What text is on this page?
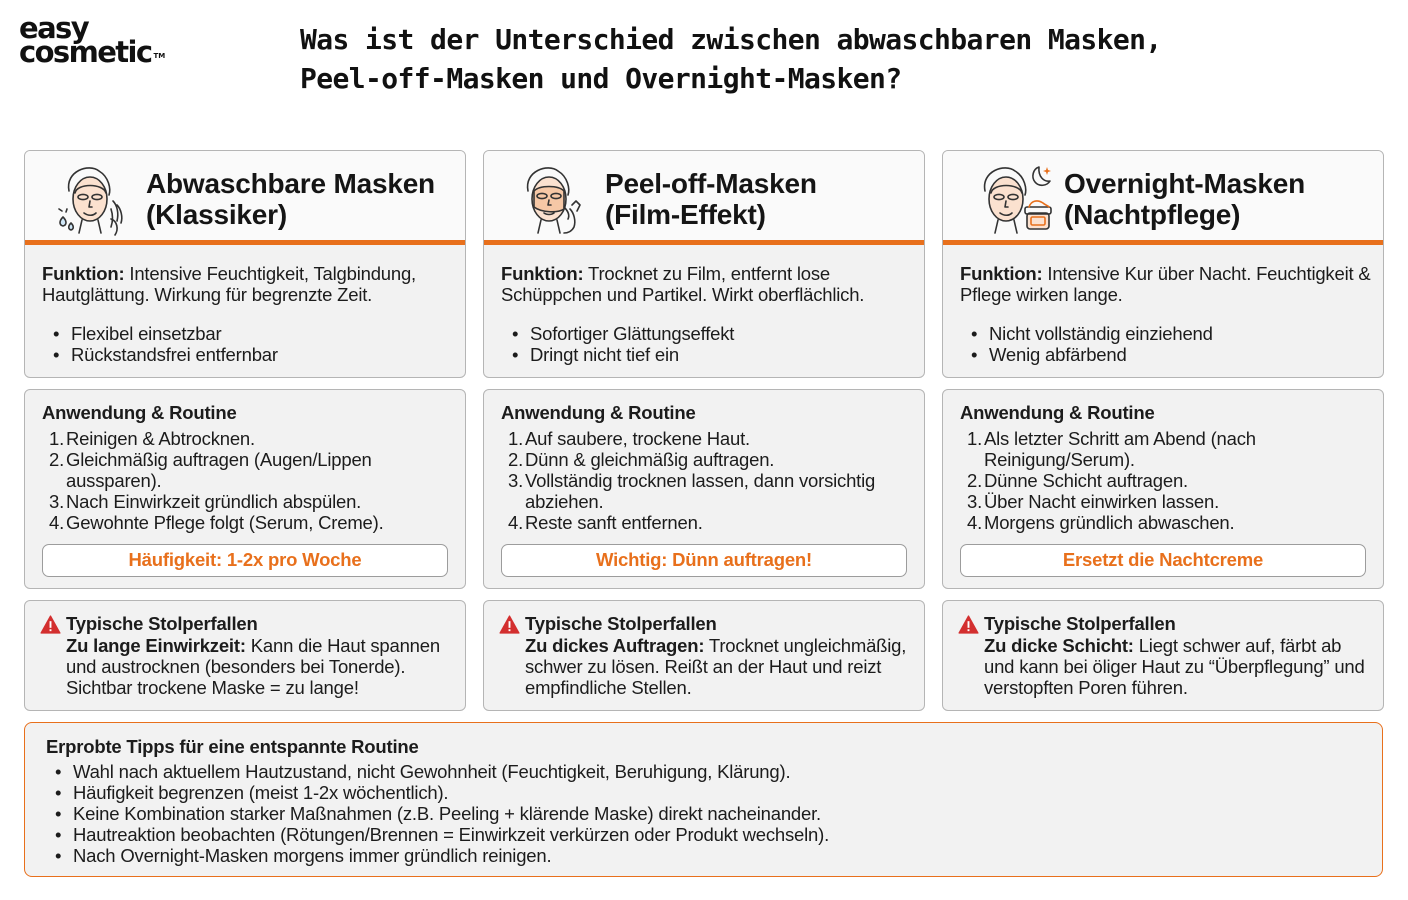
easy
cosmetic ™	Was ist der Unterschied zwischen abwaschbaren Masken,
Peel-off-Masken und Overnight-Masken?
Abwaschbare Masken
(Klassiker)
Funktion: Intensive Feuchtigkeit, Talgbindung, Hautglättung. Wirkung für begrenzte Zeit.
• Flexibel einsetzbar
• Rückstandsfrei entfernbar
Anwendung & Routine
1. Reinigen & Abtrocknen.
2. Gleichmäßig auftragen (Augen/Lippen aussparen).
3. Nach Einwirkzeit gründlich abspülen.
4. Gewohnte Pflege folgt (Serum, Creme).
Häufigkeit: 1-2x pro Woche
Typische Stolperfallen
Zu lange Einwirkzeit: Kann die Haut spannen und austrocknen (besonders bei Tonerde). Sichtbar trockene Maske = zu lange!
Peel-off-Masken
(Film-Effekt)
Funktion: Trocknet zu Film, entfernt lose Schüppchen und Partikel. Wirkt oberflächlich.
• Sofortiger Glättungseffekt
• Dringt nicht tief ein
Anwendung & Routine
1. Auf saubere, trockene Haut.
2. Dünn & gleichmäßig auftragen.
3. Vollständig trocknen lassen, dann vorsichtig abziehen.
4. Reste sanft entfernen.
Wichtig: Dünn auftragen!
Typische Stolperfallen
Zu dickes Auftragen: Trocknet ungleichmäßig, schwer zu lösen. Reißt an der Haut und reizt empfindliche Stellen.
Overnight-Masken
(Nachtpflege)
Funktion: Intensive Kur über Nacht. Feuchtigkeit & Pflege wirken lange.
• Nicht vollständig einziehend
• Wenig abfärbend
Anwendung & Routine
1. Als letzter Schritt am Abend (nach Reinigung/Serum).
2. Dünne Schicht auftragen.
3. Über Nacht einwirken lassen.
4. Morgens gründlich abwaschen.
Ersetzt die Nachtcreme
Typische Stolperfallen
Zu dicke Schicht: Liegt schwer auf, färbt ab und kann bei öliger Haut zu “Überpflegung” und verstopften Poren führen.
Erprobte Tipps für eine entspannte Routine
• Wahl nach aktuellem Hautzustand, nicht Gewohnheit (Feuchtigkeit, Beruhigung, Klärung).
• Häufigkeit begrenzen (meist 1-2x wöchentlich).
• Keine Kombination starker Maßnahmen (z.B. Peeling + klärende Maske) direkt nacheinander.
• Hautreaktion beobachten (Rötungen/Brennen = Einwirkzeit verkürzen oder Produkt wechseln).
• Nach Overnight-Masken morgens immer gründlich reinigen.
